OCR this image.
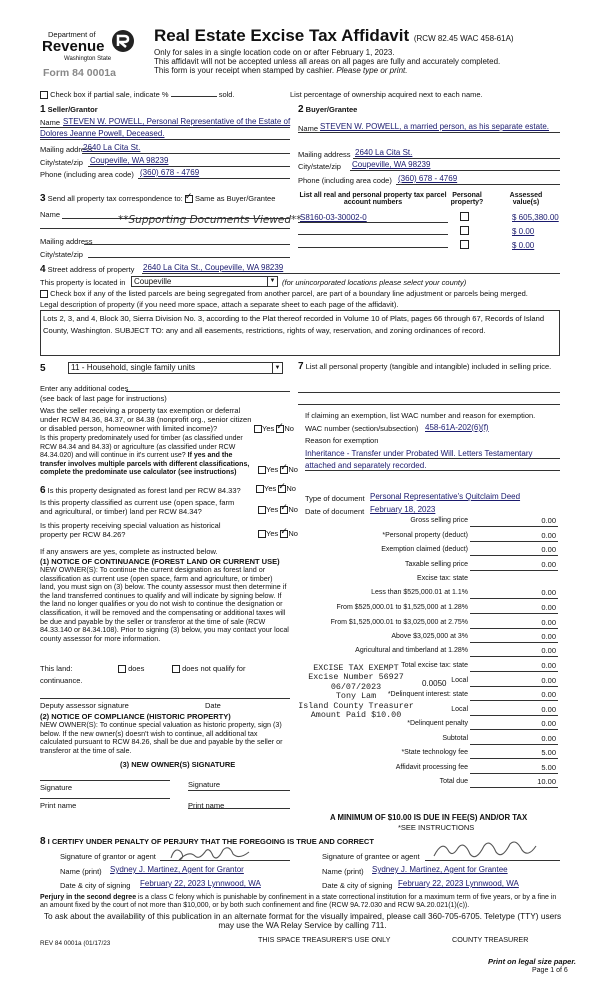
Department of
Revenue
Washington State
Form 84 0001a
Real Estate Excise Tax Affidavit (RCW 82.45 WAC 458-61A)
Only for sales in a single location code on or after February 1, 2023.
This affidavit will not be accepted unless all areas on all pages are fully and accurately completed.
This form is your receipt when stamped by cashier. Please type or print.
Check box if partial sale, indicate %	sold.	List percentage of ownership acquired next to each name.
1 Seller/Grantor
Name STEVEN W. POWELL, Personal Representative of the Estate of
Dolores Jeanne Powell, Deceased.
Mailing address
2640 La Cita St.
City/state/zip Coupeville, WA 98239
Phone (including area code) (360) 678 - 4769
2 Buyer/Grantee
Name STEVEN W. POWELL, a married person, as his separate estate.
Mailing address 2640 La Cita St.
City/state/zip Coupeville, WA 98239
Phone (including area code) (360) 678 - 4769
3 Send all property tax correspondence to: ✓ Same as Buyer/Grantee
Name	**Supporting Documents Viewed**
Mailing address
City/state/zip
List all real and personal property tax parcel account numbers
Personal property?
Assessed value(s)
S8160-03-30002-0	$ 605,380.00
$ 0.00
$ 0.00
4 Street address of property 2640 La Cita St., Coupeville, WA 98239
This property is located in Coupeville	▼ (for unincorporated locations please select your county)
Check box if any of the listed parcels are being segregated from another parcel, are part of a boundary line adjustment or parcels being merged.
Legal description of property (if you need more space, attach a separate sheet to each page of the affidavit).
Lots 2, 3, and 4, Block 30, Sierra Division No. 3, according to the Plat thereof recorded in Volume 10 of Plats, pages 66 through 67, Records of Island County, Washington. SUBJECT TO: any and all easements, restrictions, rights of way, reservation, and zoning ordinances of record.
5	11 - Household, single family units	▼
Enter any additional codes
(see back of last page for instructions)
Was the seller receiving a property tax exemption or deferral under RCW 84.36, 84.37, or 84.38 (nonprofit org., senior citizen or disabled person, homeowner with limited income)?	Yes ✓ No
Is this property predominately used for timber (as classified under RCW 84.34 and 84.33) or agriculture (as classified under RCW 84.34.020) and will continue in it's current use? If yes and the transfer involves multiple parcels with different classifications, complete the predominate use calculator (see instructions)	Yes ✓ No
6 Is this property designated as forest land per RCW 84.33?	Yes ✓ No
Is this property classified as current use (open space, farm and agricultural, or timber) land per RCW 84.34?	Yes ✓ No
Is this property receiving special valuation as historical property per RCW 84.26?	Yes ✓ No
If any answers are yes, complete as instructed below.
(1) NOTICE OF CONTINUANCE (FOREST LAND OR CURRENT USE)
NEW OWNER(S): To continue the current designation as forest land or classification as current use (open space, farm and agriculture, or timber) land, you must sign on (3) below. The county assessor must then determine if the land transferred continues to qualify and will indicate by signing below. If the land no longer qualifies or you do not wish to continue the designation or classification, it will be removed and the compensating or additional taxes will be due and payable by the seller or transferor at the time of sale (RCW 84.33.140 or 84.34.108). Prior to signing (3) below, you may contact your local county assessor for more information.
This land:	does	does not qualify for
continuance.
Deputy assessor signature	Date
(2) NOTICE OF COMPLIANCE (HISTORIC PROPERTY)
NEW OWNER(S): To continue special valuation as historic property, sign (3) below. If the new owner(s) doesn't wish to continue, all additional tax calculated pursuant to RCW 84.26, shall be due and payable by the seller or transferor at the time of sale.
(3) NEW OWNER(S) SIGNATURE
Signature	Signature
Print name	Print name
7 List all personal property (tangible and intangible) included in selling price.
If claiming an exemption, list WAC number and reason for exemption.
WAC number (section/subsection) 458-61A-202(6)(f)
Reason for exemption
Inheritance - Transfer under Probated Will. Letters Testamentary attached and separately recorded.
Type of document Personal Representative's Quitclaim Deed
Date of document February 18, 2023
Gross selling price	0.00
*Personal property (deduct)	0.00
Exemption claimed (deduct)	0.00
Taxable selling price	0.00
Excise tax: state
Less than $525,000.01 at 1.1%	0.00
From $525,000.01 to $1,525,000 at 1.28%	0.00
From $1,525,000.01 to $3,025,000 at 2.75%	0.00
Above $3,025,000 at 3%	0.00
Agricultural and timberland at 1.28%	0.00
Total excise tax: state	0.00
Local	0.00
*Delinquent interest: state	0.00
Local	0.00
*Delinquent penalty	0.00
Subtotal	0.00
*State technology fee	5.00
Affidavit processing fee	5.00
Total due	10.00
0.0050
A MINIMUM OF $10.00 IS DUE IN FEE(S) AND/OR TAX
*SEE INSTRUCTIONS
EXCISE TAX EXEMPT
Excise Number 56927
06/07/2023
Tony Lam
Island County Treasurer
Amount Paid $10.00
8 I CERTIFY UNDER PENALTY OF PERJURY THAT THE FOREGOING IS TRUE AND CORRECT
Signature of grantor or agent	Signature of grantee or agent
Name (print) Sydney J. Martinez, Agent for Grantor	Name (print) Sydney J. Martinez, Agent for Grantee
Date & city of signing February 22, 2023 Lynnwood, WA	Date & city of signing February 22, 2023 Lynnwood, WA
Perjury in the second degree is a class C felony which is punishable by confinement in a state correctional institution for a maximum term of five years, or by a fine in an amount fixed by the court of not more than $10,000, or by both such confinement and fine (RCW 9A.72.030 and RCW 9A.20.021(1)(c)).
To ask about the availability of this publication in an alternate format for the visually impaired, please call 360-705-6705. Teletype (TTY) users may use the WA Relay Service by calling 711.
REV 84 0001a (01/17/23	THIS SPACE TREASURER'S USE ONLY	COUNTY TREASURER
Print on legal size paper.
Page 1 of 6
